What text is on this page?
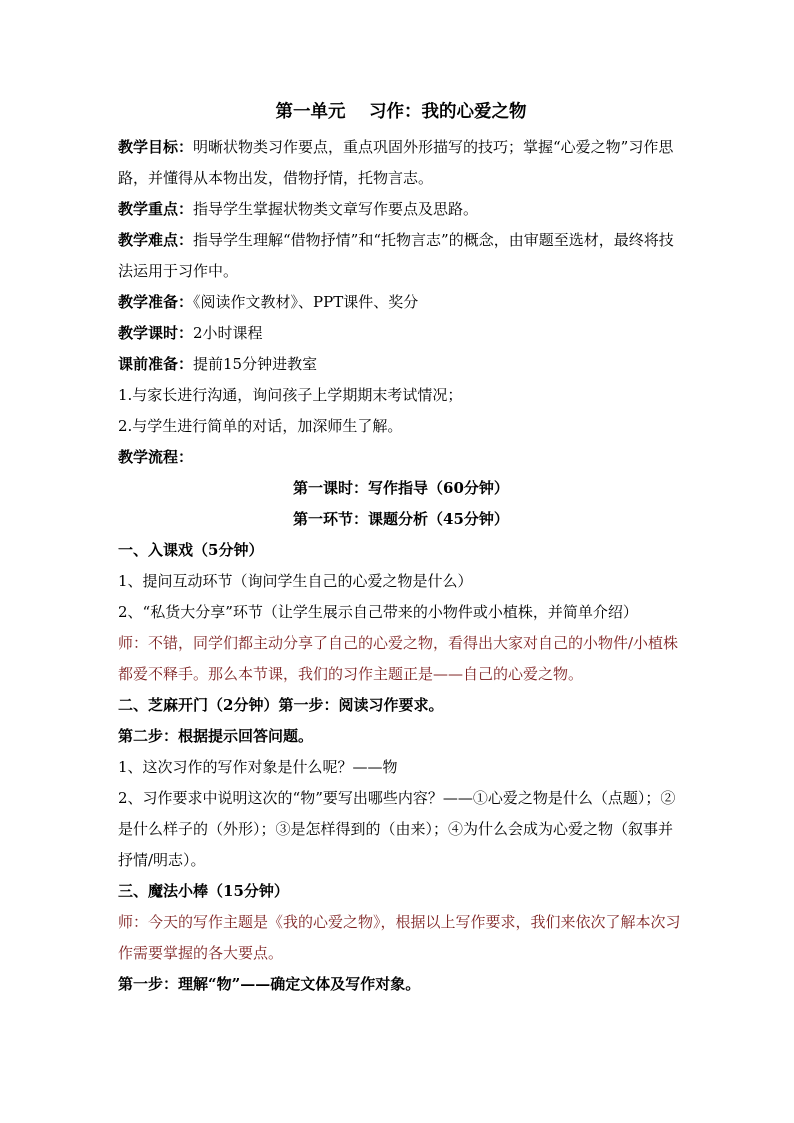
第一单元　 习作：我的心爱之物

教学目标：明晰状物类习作要点，重点巩固外形描写的技巧；掌握“心爱之物”习作思路，并懂得从本物出发，借物抒情，托物言志。

教学重点：指导学生掌握状物类文章写作要点及思路。

教学难点：指导学生理解“借物抒情”和“托物言志”的概念，由审题至选材，最终将技法运用于习作中。

教学准备：《阅读作文教材》、PPT课件、奖分

教学课时：2小时课程

课前准备：提前15分钟进教室

1.与家长进行沟通，询问孩子上学期期末考试情况；

2.与学生进行简单的对话，加深师生了解。

教学流程：

第一课时：写作指导（60分钟）

第一环节：课题分析（45分钟）

一、入课戏（5分钟）

1、提问互动环节（询问学生自己的心爱之物是什么）

2、“私货大分享”环节（让学生展示自己带来的小物件或小植株，并简单介绍）

师：不错，同学们都主动分享了自己的心爱之物，看得出大家对自己的小物件/小植株都爱不释手。那么本节课，我们的习作主题正是——自己的心爱之物。

二、芝麻开门（2分钟）第一步：阅读习作要求。

第二步：根据提示回答问题。

1、这次习作的写作对象是什么呢？——物

2、习作要求中说明这次的“物”要写出哪些内容？——①心爱之物是什么（点题）；②是什么样子的（外形）；③是怎样得到的（由来）；④为什么会成为心爱之物（叙事并抒情/明志）。

三、魔法小棒（15分钟）

师：今天的写作主题是《我的心爱之物》，根据以上写作要求，我们来依次了解本次习作需要掌握的各大要点。

第一步：理解“物”——确定文体及写作对象。
